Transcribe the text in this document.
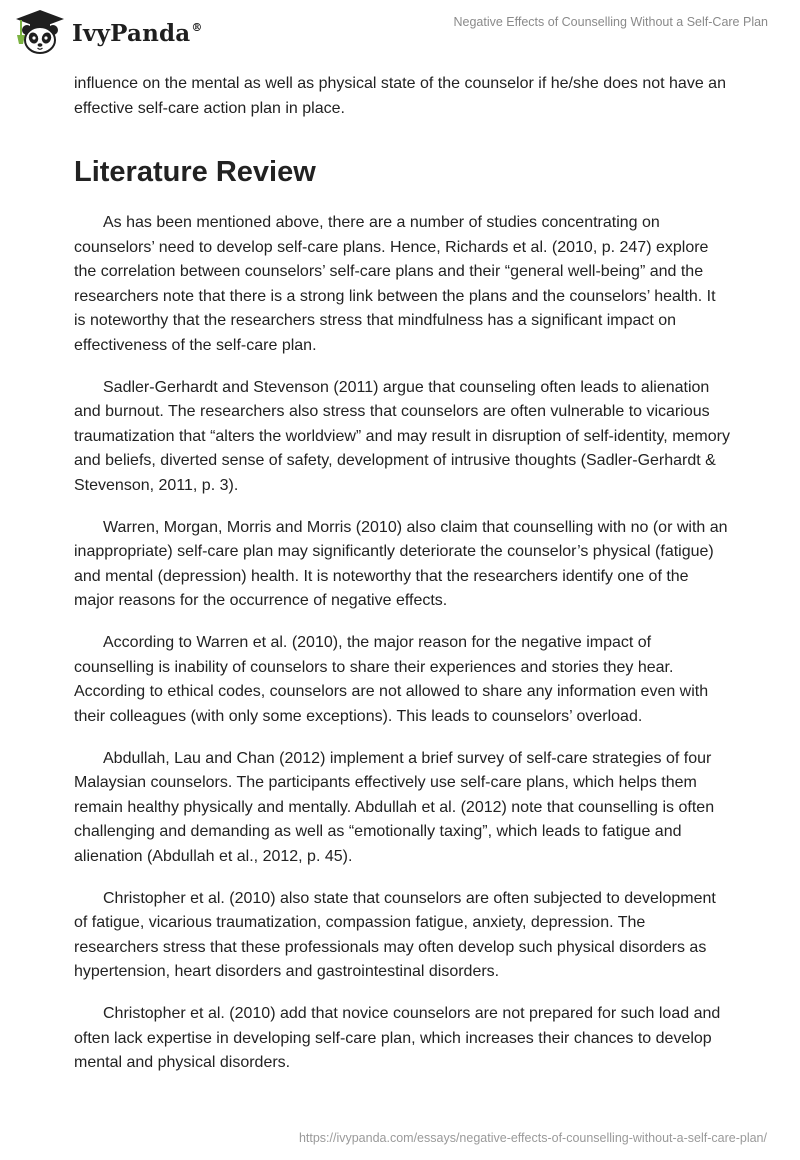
IvyPanda®	Negative Effects of Counselling Without a Self-Care Plan

influence on the mental as well as physical state of the counselor if he/she does not have an effective self-care action plan in place.

Literature Review

As has been mentioned above, there are a number of studies concentrating on counselors’ need to develop self-care plans. Hence, Richards et al. (2010, p. 247) explore the correlation between counselors’ self-care plans and their “general well-being” and the researchers note that there is a strong link between the plans and the counselors’ health. It is noteworthy that the researchers stress that mindfulness has a significant impact on effectiveness of the self-care plan.

Sadler-Gerhardt and Stevenson (2011) argue that counseling often leads to alienation and burnout. The researchers also stress that counselors are often vulnerable to vicarious traumatization that “alters the worldview” and may result in disruption of self-identity, memory and beliefs, diverted sense of safety, development of intrusive thoughts (Sadler-Gerhardt & Stevenson, 2011, p. 3).

Warren, Morgan, Morris and Morris (2010) also claim that counselling with no (or with an inappropriate) self-care plan may significantly deteriorate the counselor’s physical (fatigue) and mental (depression) health. It is noteworthy that the researchers identify one of the major reasons for the occurrence of negative effects.

According to Warren et al. (2010), the major reason for the negative impact of counselling is inability of counselors to share their experiences and stories they hear. According to ethical codes, counselors are not allowed to share any information even with their colleagues (with only some exceptions). This leads to counselors’ overload.

Abdullah, Lau and Chan (2012) implement a brief survey of self-care strategies of four Malaysian counselors. The participants effectively use self-care plans, which helps them remain healthy physically and mentally. Abdullah et al. (2012) note that counselling is often challenging and demanding as well as “emotionally taxing”, which leads to fatigue and alienation (Abdullah et al., 2012, p. 45).

Christopher et al. (2010) also state that counselors are often subjected to development of fatigue, vicarious traumatization, compassion fatigue, anxiety, depression. The researchers stress that these professionals may often develop such physical disorders as hypertension, heart disorders and gastrointestinal disorders.

Christopher et al. (2010) add that novice counselors are not prepared for such load and often lack expertise in developing self-care plan, which increases their chances to develop mental and physical disorders.

https://ivypanda.com/essays/negative-effects-of-counselling-without-a-self-care-plan/
